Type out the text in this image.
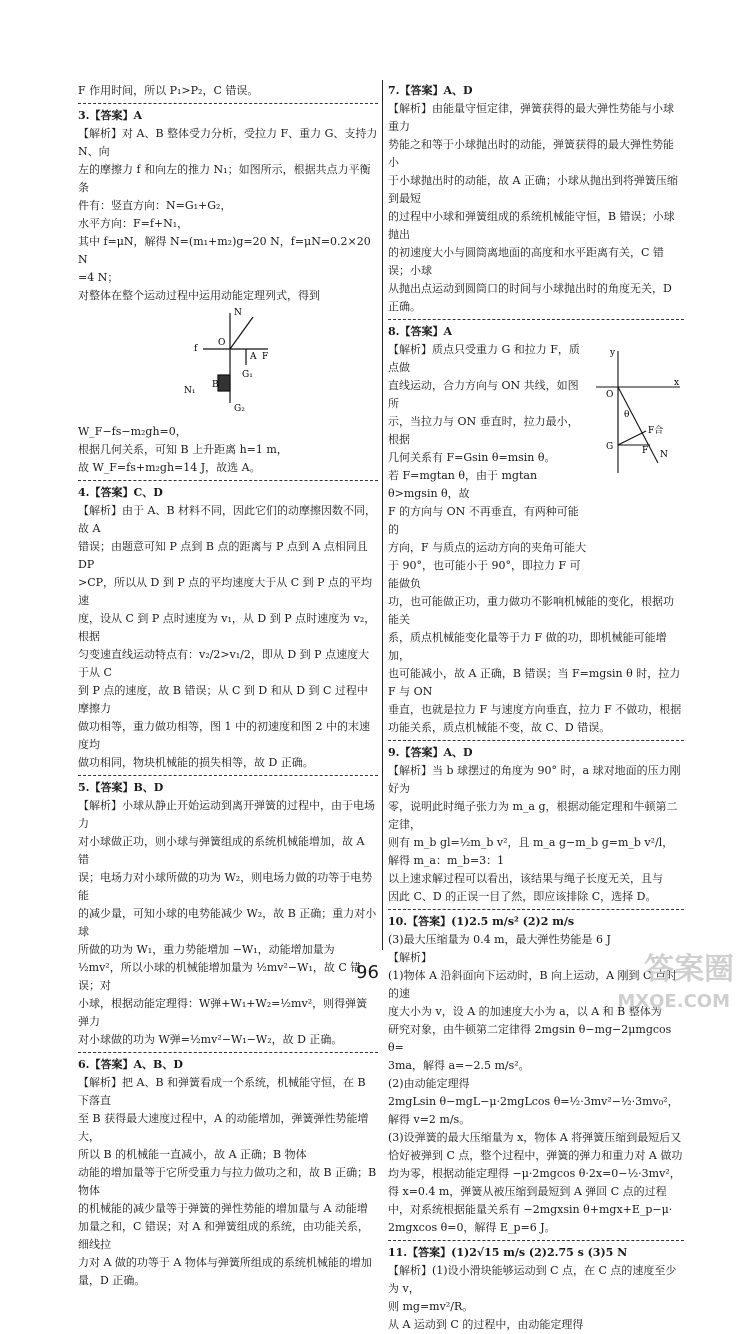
F 作用时间，所以 P₁>P₂，C 错误。

3.【答案】A

【解析】对 A、B 整体受力分析，受拉力 F、重力 G、支持力 N、向

左的摩擦力 f 和向左的推力 N₁；如图所示，根据共点力平衡条

件有：竖直方向：N=G₁+G₂，

水平方向：F=f+N₁，

其中 f=μN，解得 N=(m₁+m₂)g=20 N，f=μN=0.2×20 N

=4 N；

对整体在整个运动过程中运用动能定理列式，得到

N
f
O
A F
G₁
N₁
B
G₂

W_F−fs−m₂gh=0，

根据几何关系，可知 B 上升距离 h=1 m，

故 W_F=fs+m₂gh=14 J，故选 A。

4.【答案】C、D

【解析】由于 A、B 材料不同，因此它们的动摩擦因数不同，故 A

错误；由题意可知 P 点到 B 点的距离与 P 点到 A 点相同且 DP

>CP，所以从 D 到 P 点的平均速度大于从 C 到 P 点的平均速

度，设从 C 到 P 点时速度为 v₁，从 D 到 P 点时速度为 v₂，根据

匀变速直线运动特点有：v₂/2>v₁/2，即从 D 到 P 点速度大于从 C

到 P 点的速度，故 B 错误；从 C 到 D 和从 D 到 C 过程中摩擦力

做功相等，重力做功相等，图 1 中的初速度和图 2 中的末速度均

做功相同，物块机械能的损失相等，故 D 正确。

5.【答案】B、D

【解析】小球从静止开始运动到离开弹簧的过程中，由于电场力

对小球做正功，则小球与弹簧组成的系统机械能增加，故 A 错

误；电场力对小球所做的功为 W₂，则电场力做的功等于电势能

的减少量，可知小球的电势能减少 W₂，故 B 正确；重力对小球

所做的功为 W₁，重力势能增加 −W₁，动能增加量为

½mv²，所以小球的机械能增加量为 ½mv²−W₁，故 C 错误；对

小球，根据动能定理得：W弹+W₁+W₂=½mv²，则得弹簧弹力

对小球做的功为 W弹=½mv²−W₁−W₂，故 D 正确。

6.【答案】A、B、D

【解析】把 A、B 和弹簧看成一个系统，机械能守恒，在 B 下落直

至 B 获得最大速度过程中，A 的动能增加，弹簧弹性势能增大，

所以 B 的机械能一直减小，故 A 正确；B 物体

动能的增加量等于它所受重力与拉力做功之和，故 B 正确；B 物体

的机械能的减少量等于弹簧的弹性势能的增加量与 A 动能增

加量之和，C 错误；对 A 和弹簧组成的系统，由功能关系，细线拉

力对 A 做的功等于 A 物体与弹簧所组成的系统机械能的增加

量，D 正确。

7.【答案】A、D

【解析】由能量守恒定律，弹簧获得的最大弹性势能与小球重力

势能之和等于小球抛出时的动能，弹簧获得的最大弹性势能小

于小球抛出时的动能，故 A 正确；小球从抛出到将弹簧压缩到最短

的过程中小球和弹簧组成的系统机械能守恒，B 错误；小球抛出

的初速度大小与圆筒离地面的高度和水平距离有关，C 错误；小球

从抛出点运动到圆筒口的时间与小球抛出时的角度无关，D

正确。

8.【答案】A

【解析】质点只受重力 G 和拉力 F，质点做

直线运动，合力方向与 ON 共线，如图所

示，当拉力与 ON 垂直时，拉力最小，根据

几何关系有 F=Gsin θ=msin θ。

若 F=mgtan θ，由于 mgtan θ>mgsin θ，故

F 的方向与 ON 不再垂直，有两种可能的

方向，F 与质点的运动方向的夹角可能大

于 90°，也可能小于 90°，即拉力 F 可能做负

y
x
O
θ
G	F
F合
N

功，也可能做正功，重力做功不影响机械能的变化，根据功能关

系，质点机械能变化量等于力 F 做的功，即机械能可能增加，

也可能减小，故 A 正确，B 错误；当 F=mgsin θ 时，拉力 F 与 ON

垂直，也就是拉力 F 与速度方向垂直，拉力 F 不做功，根据

功能关系，质点机械能不变，故 C、D 错误。

9.【答案】A、D

【解析】当 b 球摆过的角度为 90° 时，a 球对地面的压力刚好为

零，说明此时绳子张力为 m_a g，根据动能定理和牛顿第二定律，

则有 m_b gl=½m_b v²，且 m_a g−m_b g=m_b v²/l，解得 m_a：m_b=3：1

以上速求解过程可以看出，该结果与绳子长度无关，且与

因此 C、D 的正误一目了然，即应该排除 C，选择 D。

10.【答案】(1)2.5 m/s² (2)2 m/s

(3)最大压缩量为 0.4 m，最大弹性势能是 6 J

【解析】

(1)物体 A 沿斜面向下运动时，B 向上运动，A 刚到 C 点时的速

度大小为 v，设 A 的加速度大小为 a，以 A 和 B 整体为

研究对象，由牛顿第二定律得 2mgsin θ−mg−2μmgcos θ=

3ma，解得 a=−2.5 m/s²。

(2)由动能定理得

2mgLsin θ−mgL−μ·2mgLcos θ=½·3mv²−½·3mv₀²，

解得 v=2 m/s。

(3)设弹簧的最大压缩量为 x，物体 A 将弹簧压缩到最短后又

恰好被弹到 C 点，整个过程中，弹簧的弹力和重力对 A 做功

均为零，根据动能定理得 −μ·2mgcos θ·2x=0−½·3mv²，

得 x=0.4 m，弹簧从被压缩到最短到 A 弹回 C 点的过程

中，对系统根据能量关系有 −2mgxsin θ+mgx+E_p−μ·

2mgxcos θ=0，解得 E_p=6 J。

11.【答案】(1)2√15 m/s (2)2.75 s (3)5 N

【解析】(1)设小滑块能够运动到 C 点，在 C 点的速度至少为 v，

则 mg=mv²/R。

从 A 运动到 C 的过程中，由动能定理得

96	答案圈
MXQE.COM
